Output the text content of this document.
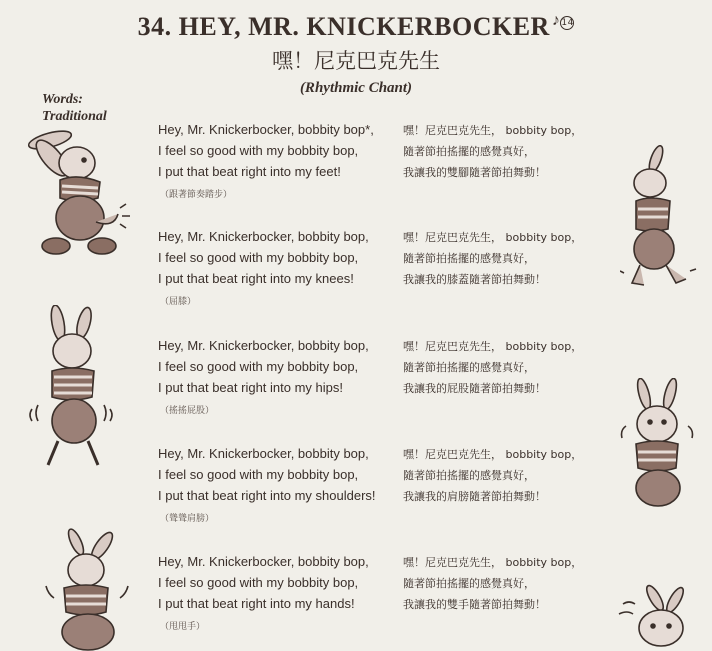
34. HEY, MR. KNICKERBOCKER ♪14
嘿！尼克巴克先生
(Rhythmic Chant)
Words:
Traditional
Hey, Mr. Knickerbocker, bobbity bop*,	嘿！尼克巴克先生， bobbity bop，
I feel so good with my bobbity bop,	隨著節拍搖擺的感覺真好，
I put that beat right into my feet!	我讓我的雙腳隨著節拍舞動！
（跟著節奏踏步）
Hey, Mr. Knickerbocker, bobbity bop,	嘿！尼克巴克先生， bobbity bop，
I feel so good with my bobbity bop,	隨著節拍搖擺的感覺真好，
I put that beat right into my knees!	我讓我的膝蓋隨著節拍舞動！
（屈膝）
Hey, Mr. Knickerbocker, bobbity bop,	嘿！尼克巴克先生， bobbity bop，
I feel so good with my bobbity bop,	隨著節拍搖擺的感覺真好，
I put that beat right into my hips!	我讓我的屁股隨著節拍舞動！
（搖搖屁股）
Hey, Mr. Knickerbocker, bobbity bop,	嘿！尼克巴克先生， bobbity bop，
I feel so good with my bobbity bop,	隨著節拍搖擺的感覺真好，
I put that beat right into my shoulders!	我讓我的肩膀隨著節拍舞動！
（聳聳肩膀）
Hey, Mr. Knickerbocker, bobbity bop,	嘿！尼克巴克先生， bobbity bop，
I feel so good with my bobbity bop,	隨著節拍搖擺的感覺真好，
I put that beat right into my hands!	我讓我的雙手隨著節拍舞動！
（甩甩手）
